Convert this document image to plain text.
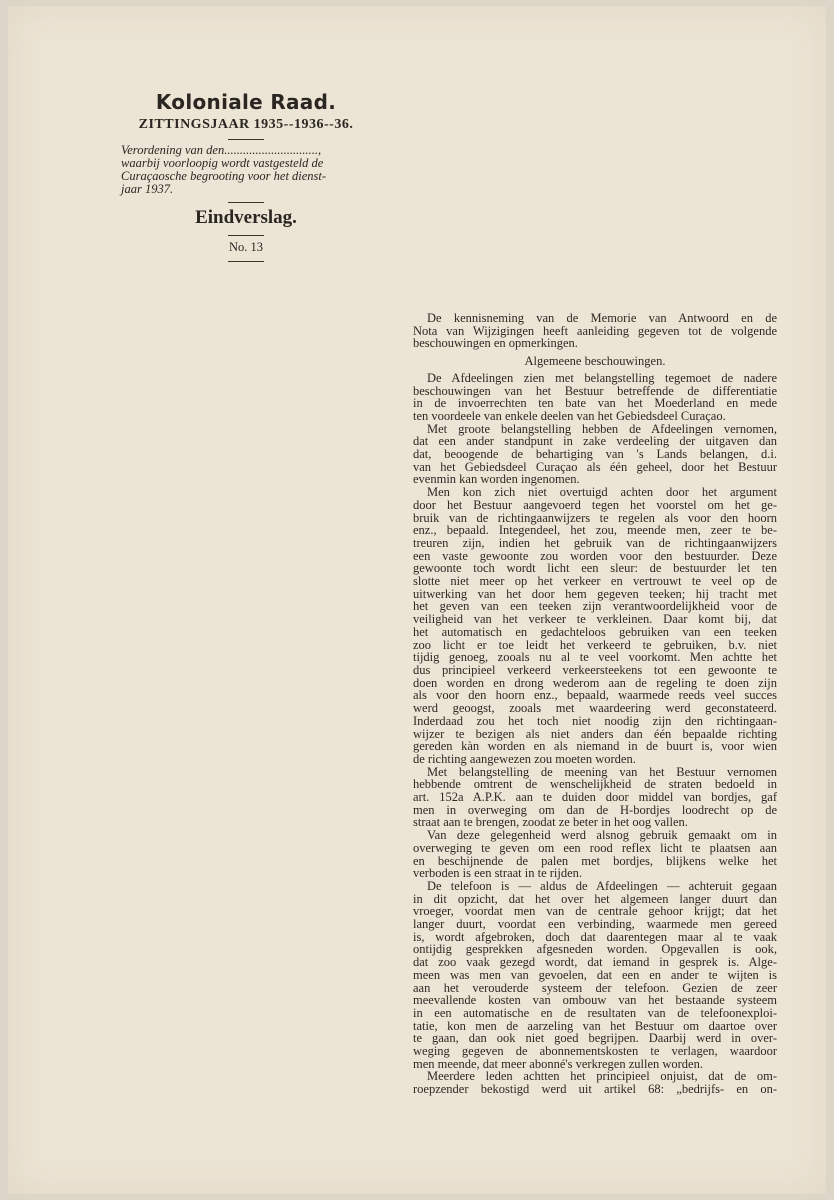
Koloniale Raad.
ZITTINGSJAAR 1935--1936--36.
Verordening van den..............................,
waarbij voorloopig wordt vastgesteld de
Curaçaosche begrooting voor het dienst-
jaar 1937.
Eindverslag.
No. 13

De kennisneming van de Memorie van Antwoord en de

Nota van Wijzigingen heeft aanleiding gegeven tot de volgende

beschouwingen en opmerkingen.

Algemeene beschouwingen.

De Afdeelingen zien met belangstelling tegemoet de nadere

beschouwingen van het Bestuur betreffende de differentiatie

in de invoerrechten ten bate van het Moederland en mede

ten voordeele van enkele deelen van het Gebiedsdeel Curaçao.

Met groote belangstelling hebben de Afdeelingen vernomen,

dat een ander standpunt in zake verdeeling der uitgaven dan

dat, beoogende de behartiging van 's Lands belangen, d.i.

van het Gebiedsdeel Curaçao als één geheel, door het Bestuur

evenmin kan worden ingenomen.

Men kon zich niet overtuigd achten door het argument

door het Bestuur aangevoerd tegen het voorstel om het ge-

bruik van de richtingaanwijzers te regelen als voor den hoorn

enz., bepaald. Integendeel, het zou, meende men, zeer te be-

treuren zijn, indien het gebruik van de richtingaanwijzers

een vaste gewoonte zou worden voor den bestuurder. Deze

gewoonte toch wordt licht een sleur: de bestuurder let ten

slotte niet meer op het verkeer en vertrouwt te veel op de

uitwerking van het door hem gegeven teeken; hij tracht met

het geven van een teeken zijn verantwoordelijkheid voor de

veiligheid van het verkeer te verkleinen. Daar komt bij, dat

het automatisch en gedachteloos gebruiken van een teeken

zoo licht er toe leidt het verkeerd te gebruiken, b.v. niet

tijdig genoeg, zooals nu al te veel voorkomt. Men achtte het

dus principieel verkeerd verkeersteekens tot een gewoonte te

doen worden en drong wederom aan de regeling te doen zijn

als voor den hoorn enz., bepaald, waarmede reeds veel succes

werd geoogst, zooals met waardeering werd geconstateerd.

Inderdaad zou het toch niet noodig zijn den richtingaan-

wijzer te bezigen als niet anders dan één bepaalde richting

gereden kàn worden en als niemand in de buurt is, voor wien

de richting aangewezen zou moeten worden.

Met belangstelling de meening van het Bestuur vernomen

hebbende omtrent de wenschelijkheid de straten bedoeld in

art. 152a A.P.K. aan te duiden door middel van bordjes, gaf

men in overweging om dan de H-bordjes loodrecht op de

straat aan te brengen, zoodat ze beter in het oog vallen.

Van deze gelegenheid werd alsnog gebruik gemaakt om in

overweging te geven om een rood reflex licht te plaatsen aan

en beschijnende de palen met bordjes, blijkens welke het

verboden is een straat in te rijden.

De telefoon is — aldus de Afdeelingen — achteruit gegaan

in dit opzicht, dat het over het algemeen langer duurt dan

vroeger, voordat men van de centrale gehoor krijgt; dat het

langer duurt, voordat een verbinding, waarmede men gereed

is, wordt afgebroken, doch dat daarentegen maar al te vaak

ontijdig gesprekken afgesneden worden. Opgevallen is ook,

dat zoo vaak gezegd wordt, dat iemand in gesprek is. Alge-

meen was men van gevoelen, dat een en ander te wijten is

aan het verouderde systeem der telefoon. Gezien de zeer

meevallende kosten van ombouw van het bestaande systeem

in een automatische en de resultaten van de telefoonexploi-

tatie, kon men de aarzeling van het Bestuur om daartoe over

te gaan, dan ook niet goed begrijpen. Daarbij werd in over-

weging gegeven de abonnementskosten te verlagen, waardoor

men meende, dat meer abonné's verkregen zullen worden.

Meerdere leden achtten het principieel onjuist, dat de om-

roepzender bekostigd werd uit artikel 68: „bedrijfs- en on-
